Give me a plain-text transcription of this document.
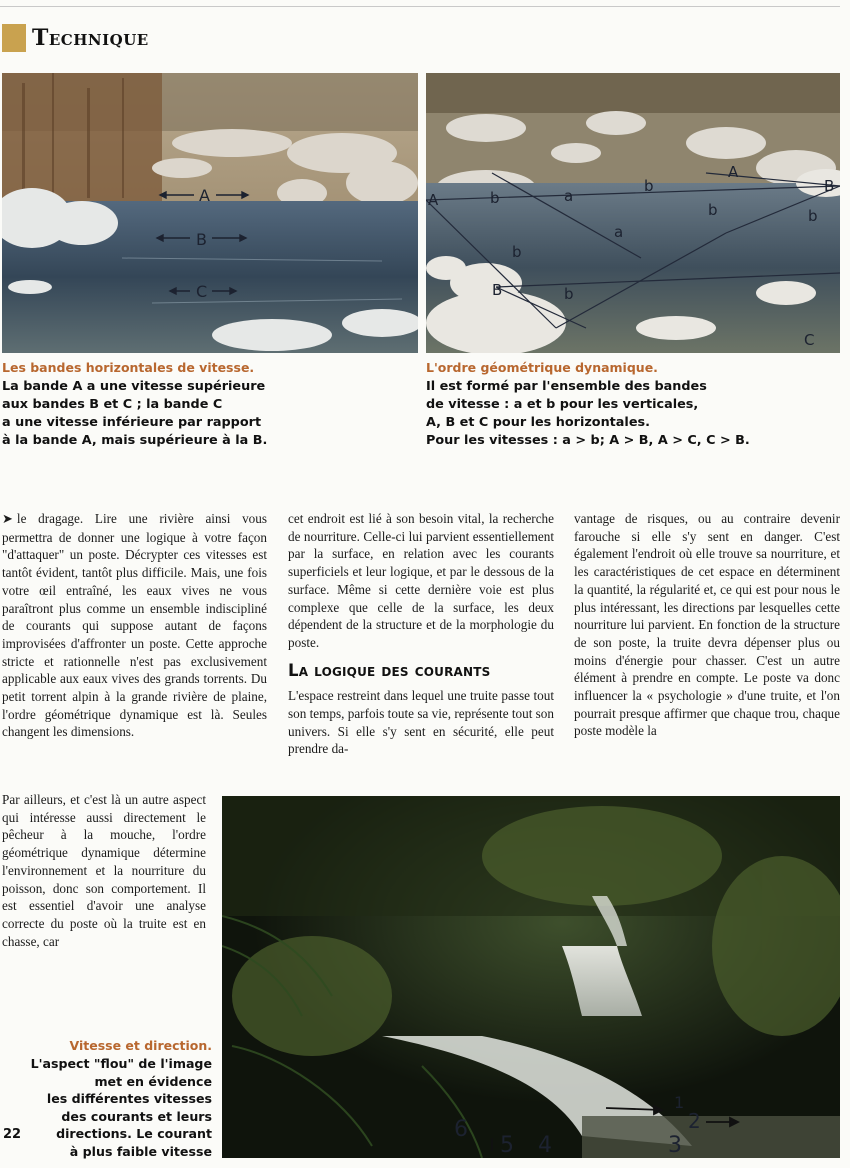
Technique
A
B
C
A	b	a
b
A
B
b
a
b
b
B	b
C
Les bandes horizontales de vitesse.
La bande A a une vitesse supérieure
aux bandes B et C ; la bande C
a une vitesse inférieure par rapport
à la bande A, mais supérieure à la B.
L'ordre géométrique dynamique.
Il est formé par l'ensemble des bandes
de vitesse : a et b pour les verticales,
A, B et C pour les horizontales.
Pour les vitesses : a > b; A > B, A > C, C > B.

➤ le dragage. Lire une rivière ainsi vous permettra de donner une logique à votre façon "d'attaquer" un poste. Décrypter ces vitesses est tantôt évident, tantôt plus difficile. Mais, une fois votre œil entraîné, les eaux vives ne vous paraîtront plus comme un ensemble indiscipliné de courants qui suppose autant de façons improvisées d'affronter un poste. Cette approche stricte et rationnelle n'est pas exclusivement applicable aux eaux vives des grands torrents. Du petit torrent alpin à la grande rivière de plaine, l'ordre géométrique dynamique est là. Seules changent les dimensions.

Par ailleurs, et c'est là un autre aspect qui intéresse aussi directement le pêcheur à la mouche, l'ordre géométrique dynamique détermine l'environnement et la nourriture du poisson, donc son comportement. Il est essentiel d'avoir une analyse correcte du poste où la truite est en chasse, car

cet endroit est lié à son besoin vital, la recherche de nourriture. Celle-ci lui parvient essentiellement par la surface, en relation avec les courants superficiels et leur logique, et par le dessous de la surface. Même si cette dernière voie est plus complexe que celle de la surface, les deux dépendent de la structure et de la morphologie du poste.

La logique des courants

L'espace restreint dans lequel une truite passe tout son temps, parfois toute sa vie, représente tout son univers. Si elle s'y sent en sécurité, elle peut prendre da-

vantage de risques, ou au contraire devenir farouche si elle s'y sent en danger. C'est également l'endroit où elle trouve sa nourriture, et les caractéristiques de cet espace en déterminent la quantité, la régularité et, ce qui est pour nous le plus intéressant, les directions par lesquelles cette nourriture lui parvient. En fonction de la structure de son poste, la truite devra dépenser plus ou moins d'énergie pour chasser. C'est un autre élément à prendre en compte. Le poste va donc influencer la « psychologie » d'une truite, et l'on pourrait presque affirmer que chaque trou, chaque poste modèle la

1
2
3
4
5
6
Vitesse et direction.
L'aspect "flou" de l'image
met en évidence
les différentes vitesses
des courants et leurs
directions. Le courant
à plus faible vitesse
22
